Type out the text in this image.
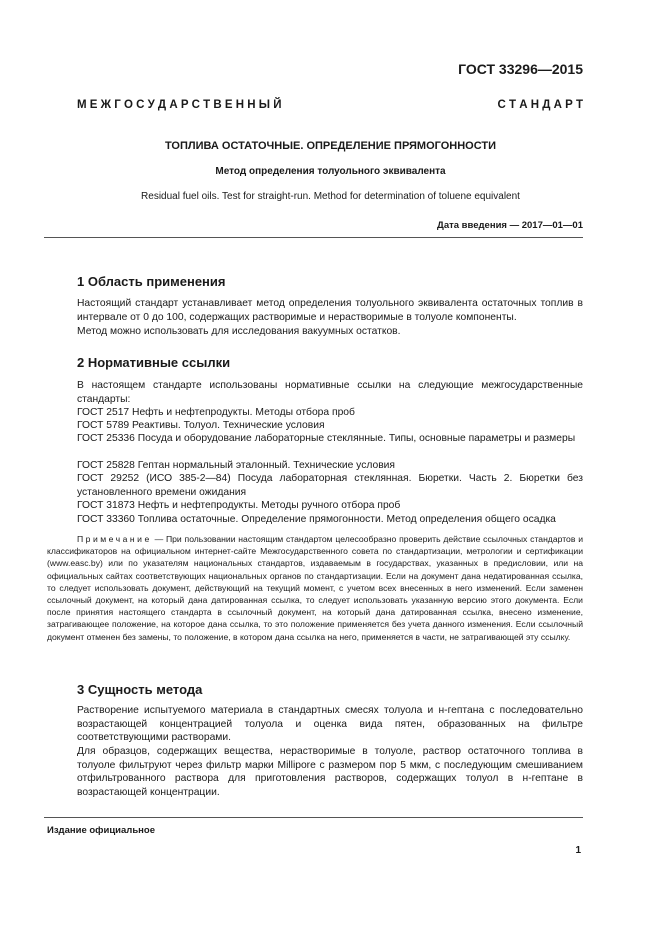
ГОСТ 33296—2015
М Е Ж Г О С У Д А Р С Т В Е Н Н Ы Й	С Т А Н Д А Р Т
ТОПЛИВА ОСТАТОЧНЫЕ. ОПРЕДЕЛЕНИЕ ПРЯМОГОННОСТИ
Метод определения толуольного эквивалента
Residual fuel oils. Test for straight-run. Method for determination of toluene equivalent
Дата введения — 2017—01—01
1 Область применения

Настоящий стандарт устанавливает метод определения толуольного эквивалента остаточных топлив в интервале от 0 до 100, содержащих растворимые и нерастворимые в толуоле компоненты.

Метод можно использовать для исследования вакуумных остатков.

2 Нормативные ссылки

В настоящем стандарте использованы нормативные ссылки на следующие межгосударственные стандарты:

ГОСТ 2517 Нефть и нефтепродукты. Методы отбора проб
ГОСТ 5789 Реактивы. Толуол. Технические условия
ГОСТ 25336 Посуда и оборудование лабораторные стеклянные. Типы, основные параметры и размеры
ГОСТ 25828 Гептан нормальный эталонный. Технические условия
ГОСТ 29252 (ИСО 385-2—84) Посуда лабораторная стеклянная. Бюретки. Часть 2. Бюретки без установленного времени ожидания
ГОСТ 31873 Нефть и нефтепродукты. Методы ручного отбора проб
ГОСТ 33360 Топлива остаточные. Определение прямогонности. Метод определения общего осадка

Примечание — При пользовании настоящим стандартом целесообразно проверить действие ссылочных стандартов и классификаторов на официальном интернет-сайте Межгосударственного совета по стандартизации, метрологии и сертификации (www.easc.by) или по указателям национальных стандартов, издаваемым в государствах, указанных в предисловии, или на официальных сайтах соответствующих национальных органов по стандартизации. Если на документ дана недатированная ссылка, то следует использовать документ, действующий на текущий момент, с учетом всех внесенных в него изменений. Если заменен ссылочный документ, на который дана датированная ссылка, то следует использовать указанную версию этого документа. Если после принятия настоящего стандарта в ссылочный документ, на который дана датированная ссылка, внесено изменение, затрагивающее положение, на которое дана ссылка, то это положение применяется без учета данного изменения. Если ссылочный документ отменен без замены, то положение, в котором дана ссылка на него, применяется в части, не затрагивающей эту ссылку.

3 Сущность метода

Растворение испытуемого материала в стандартных смесях толуола и н-гептана с последовательно возрастающей концентрацией толуола и оценка вида пятен, образованных на фильтре соответствующими растворами.

Для образцов, содержащих вещества, нерастворимые в толуоле, раствор остаточного топлива в толуоле фильтруют через фильтр марки Millipore с размером пор 5 мкм, с последующим смешиванием отфильтрованного раствора для приготовления растворов, содержащих толуол в н-гептане в возрастающей концентрации.

Издание официальное
1
